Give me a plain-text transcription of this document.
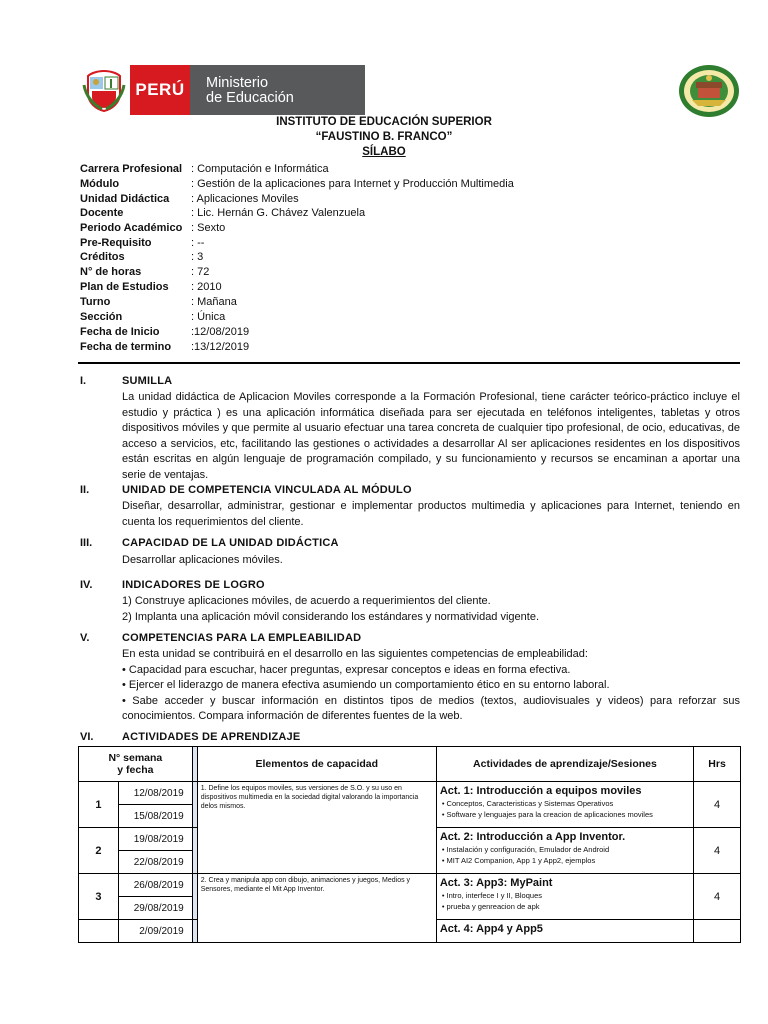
PERÚ	Ministerio
de Educación
INSTITUTO DE EDUCACIÓN SUPERIOR
“FAUSTINO B. FRANCO”
SÍLABO
Carrera Profesional : Computación e Informática
Módulo	: Gestión de la aplicaciones para Internet y Producción Multimedia
Unidad Didáctica	: Aplicaciones Moviles
Docente	: Lic. Hernán G. Chávez Valenzuela
Periodo Académico : Sexto
Pre-Requisito	: --
Créditos	: 3
N° de horas	: 72
Plan de Estudios	: 2010
Turno	: Mañana
Sección	: Única
Fecha de Inicio	:12/08/2019
Fecha de termino	:13/12/2019
I.	SUMILLA

La unidad didáctica de Aplicacion Moviles corresponde a la Formación Profesional, tiene carácter teórico-práctico incluye el estudio y práctica ) es una aplicación informática diseñada para ser ejecutada en teléfonos inteligentes, tabletas y otros dispositivos móviles y que permite al usuario efectuar una tarea concreta de cualquier tipo profesional, de ocio, educativas, de acceso a servicios, etc, facilitando las gestiones o actividades a desarrollar Al ser aplicaciones residentes en los dispositivos están escritas en algún lenguaje de programación compilado, y su funcionamiento y recursos se encaminan a aportar una serie de ventajas.

II.	UNIDAD DE COMPETENCIA VINCULADA AL MÓDULO

Diseñar, desarrollar, administrar, gestionar e implementar productos multimedia y aplicaciones para Internet, teniendo en cuenta los requerimientos del cliente.

III.	CAPACIDAD DE LA UNIDAD DIDÁCTICA

Desarrollar aplicaciones móviles.

IV.	INDICADORES DE LOGRO

1) Construye aplicaciones móviles, de acuerdo a requerimientos del cliente.

2) Implanta una aplicación móvil considerando los estándares y normatividad vigente.

V.	COMPETENCIAS PARA LA EMPLEABILIDAD

En esta unidad se contribuirá en el desarrollo en las siguientes competencias de empleabilidad:

• Capacidad para escuchar, hacer preguntas, expresar conceptos e ideas en forma efectiva.

• Ejercer el liderazgo de manera efectiva asumiendo un comportamiento ético en su entorno laboral.

• Sabe acceder y buscar información en distintos tipos de medios (textos, audiovisuales y videos) para reforzar sus conocimientos. Compara información de diferentes fuentes de la web.

VI.	ACTIVIDADES DE APRENDIZAJE
N° semana
y fecha			Elementos de capacidad	Actividades de aprendizaje/Sesiones	Hrs
1	12/08/2019		1. Define los equipos moviles, sus versiones de S.O. y su uso en dispositivos multimedia en la sociedad digital valorando la importancia delos mismos.	Act. 1: Introducción a equipos moviles
• Conceptos, Caracteristicas y Sistemas Operativos
• Software y lenguajes para la creacion de aplicaciones moviles	4
	15/08/2019				
2	19/08/2019			Act. 2: Introducción a App Inventor.
• Instalación y configuración, Emulador de Android
• MIT AI2 Companion, App 1 y App2, ejemplos	4
	22/08/2019				
3	26/08/2019		2. Crea y manipula app con dibujo, animaciones y juegos, Medios y Sensores, mediante el Mit App Inventor.	Act. 3: App3: MyPaint
• Intro, interfece I y II, Bloques
• prueba y genreacion de apk	4
	29/08/2019				
	2/09/2019			Act. 4: App4 y App5	
